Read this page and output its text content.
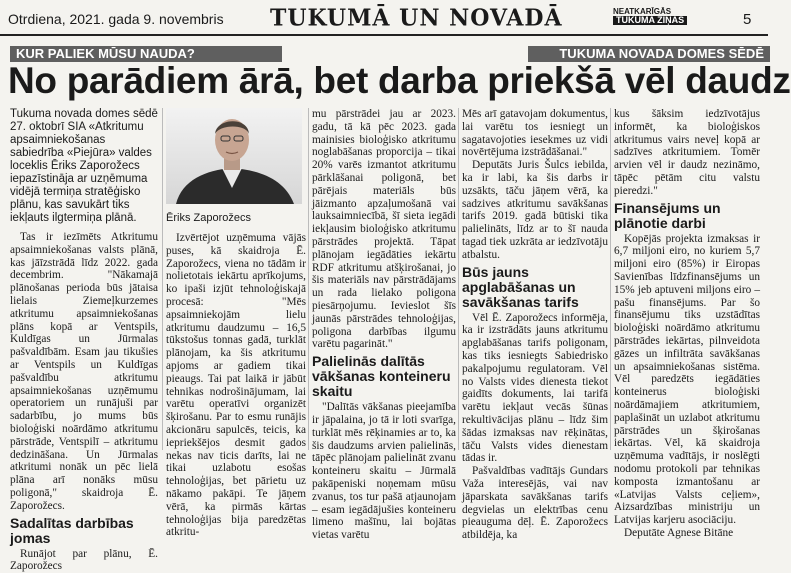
Otrdiena, 2021. gada 9. novembris TUKUMĀ UN NOVADĀ	NEATKARĪGĀS
TUKUMA ZIŅAS	5
KUR PALIEK MŪSU NAUDA?	TUKUMA NOVADA DOMES SĒDĒ
No parādiem ārā, bet darba priekšā vēl daudz

Tukuma novada domes sēdē 27. oktobrī SIA «Atkritumu apsaimniekošanas sabiedrība «Piejūra» valdes loceklis Ēriks Zaporožecs iepazīstināja ar uzņēmuma vidējā termiņa stratēģisko plānu, kas savukārt tiks iekļauts ilgtermiņa plānā.

Tas ir iezīmēts Atkritumu apsaimniekošanas valsts plānā, kas jāīzstrādā līdz 2022. gada decembrim. "Nākamajā plānošanas perioda būs jātaisa lielais Ziemeļkurzemes atkritumu apsaimniekošanas plāns kopā ar Ventspils, Kuldīgas un Jūrmalas pašvaldībām. Esam jau tikušies ar Ventspils un Kuldīgas pašvaldību atkritumu apsaimniekošanas uzņēmumu operatoriem un runājuši par sadarbību, jo mums būs bioloģiski noārdāmo atkritumu pārstrāde, Ventspilī – atkritumu dedzināšana. Un Jūrmalas atkritumi nonāk un pēc lielā plāna arī nonāks mūsu poligonā," skaidroja Ē. Zaporožecs.

Sadalītas darbības jomas

Runājot par plānu, Ē. Zaporožecs

Ēriks Zaporožecs

Izvērtējot uzņēmuma vājās puses, kā skaidroja Ē. Zaporožecs, viena no tādām ir nolietotais iekārtu aprīkojums, ko ipaši izjūt tehnoloģiskajā procesā: "Mēs apsaimniekojām lielu atkritumu daudzumu – 16,5 tūkstošus tonnas gadā, turklāt plānojam, ka šis atkritumu apjoms ar gadiem tikai pieaugs. Tai pat laikā ir jābūt tehnikas nodrošinājumam, lai varētu operatīvi organizēt šķirošanu. Par to esmu runājis akcionāru sapulcēs, teicis, ka iepriekšējos desmit gados nekas nav ticis darīts, lai ne tikai uzlabotu esošas tehnoloģijas, bet pārietu uz nākamo pakāpi. Te jāņem vērā, ka pirmās kārtas tehnoloģijas bija paredzētas atkritu-

mu pārstrādei jau ar 2023. gadu, tā kā pēc 2023. gada mainisies bioloģisko atkritumu noglabāšanas proporcija – tikai 20% varēs izmantot atkritumu pārklāšanai poligonā, bet pārējais materiāls būs jāizmanto apzaļumošanā vai lauksaimniecībā, šī sieta iegādi iekļausim bioloģisko atkritumu pārstrādes projektā. Tāpat plānojam iegādāties iekārtu RDF atkritumu atšķirošanai, jo šis materiāls nav pārstrādājams un rada lielako poligona piesārņojumu. Ievieslot šīs jaunās pārstrādes tehnoloģijas, poligona darbības ilgumu varētu pagarināt."

Palielinās dalītās vākšanas konteineru skaitu

"Dalītās vākšanas pieejamība ir jāpalaina, jo tā ir loti svarīga, turklāt mēs rēķinamies ar to, ka šis daudzums arvien palielinās, tāpēc plānojam palielināt zvanu konteineru skaitu – Jūrmalā pakāpeniski noņemam mūsu zvanus, tos tur pašā atjaunojam – esam iegādājušies konteineru limeno mašīnu, lai bojātas vietas varētu

Mēs arī gatavojam dokumentus, lai varētu tos iesniegt un sagatavojoties iesekmes uz vidi novērtējuma izstrādāšanai."

Deputāts Juris Šulcs iebilda, ka ir labi, ka šis darbs ir uzsākts, tāču jāņem vērā, ka sadzives atkritumu savākšanas tarifs 2019. gadā būtiski tika palielināts, līdz ar to šī nauda tagad tiek uzkrāta ar iedzīvotāju atbalstu.

Būs jauns apglabāšanas un savākšanas tarifs

Vēl Ē. Zaporožecs informēja, ka ir izstrādāts jauns atkritumu apglabāšanas tarifs poligonam, kas tiks iesniegts Sabiedrisko pakalpojumu regulatoram. Vēl no Valsts vides dienesta tiekot gaidīts dokuments, lai tarifā varētu iekļaut vecās šūnas rekultivācijas plānu – līdz šim šādas izmaksas nav rēķinātas, tāču Valsts vides dienestam tādas ir.

Pašvaldības vadītājs Gundars Važa interesējās, vai nav jāparskata savākšanas tarifs degvielas un elektrības cenu pieauguma dēļ. Ē. Zaporožecs atbildēja, ka

kus šāksim iedzīvotājus informēt, ka bioloģiskos atkritumus vairs neveļ kopā ar sadzīves atkritumiem. Tomēr arvien vēl ir daudz nezināmo, tāpēc pētām citu valstu pieredzi."

Finansējums un plānotie darbi

Kopējās projekta izmaksas ir 6,7 miljoni eiro, no kuriem 5,7 miljoni eiro (85%) ir Eiropas Savienības līdzfinansējums un 15% jeb aptuveni miljons eiro – pašu finansējums. Par šo finansējumu tiks uzstādītas bioloģiski noārdāmo atkritumu pārstrādes iekārtas, pilnveidota gāzes un infiltrāta savākšanas un apsaimniekošanas sistēma. Vēl paredzēts iegādāties konteinerus bioloģiski noārdāmajiem atkritumiem, paplašināt un uzlabot atkritumu pārstrādes un šķirošanas iekārtas. Vēl, kā skaidroja uzņēmuma vadītājs, ir noslēgti nodomu protokoli par tehnikas komposta izmantošanu ar «Latvijas Valsts ceļiem», Aizsardzības ministriju un Latvijas karjeru asociāciju.

Deputāte Agnese Bitāne
